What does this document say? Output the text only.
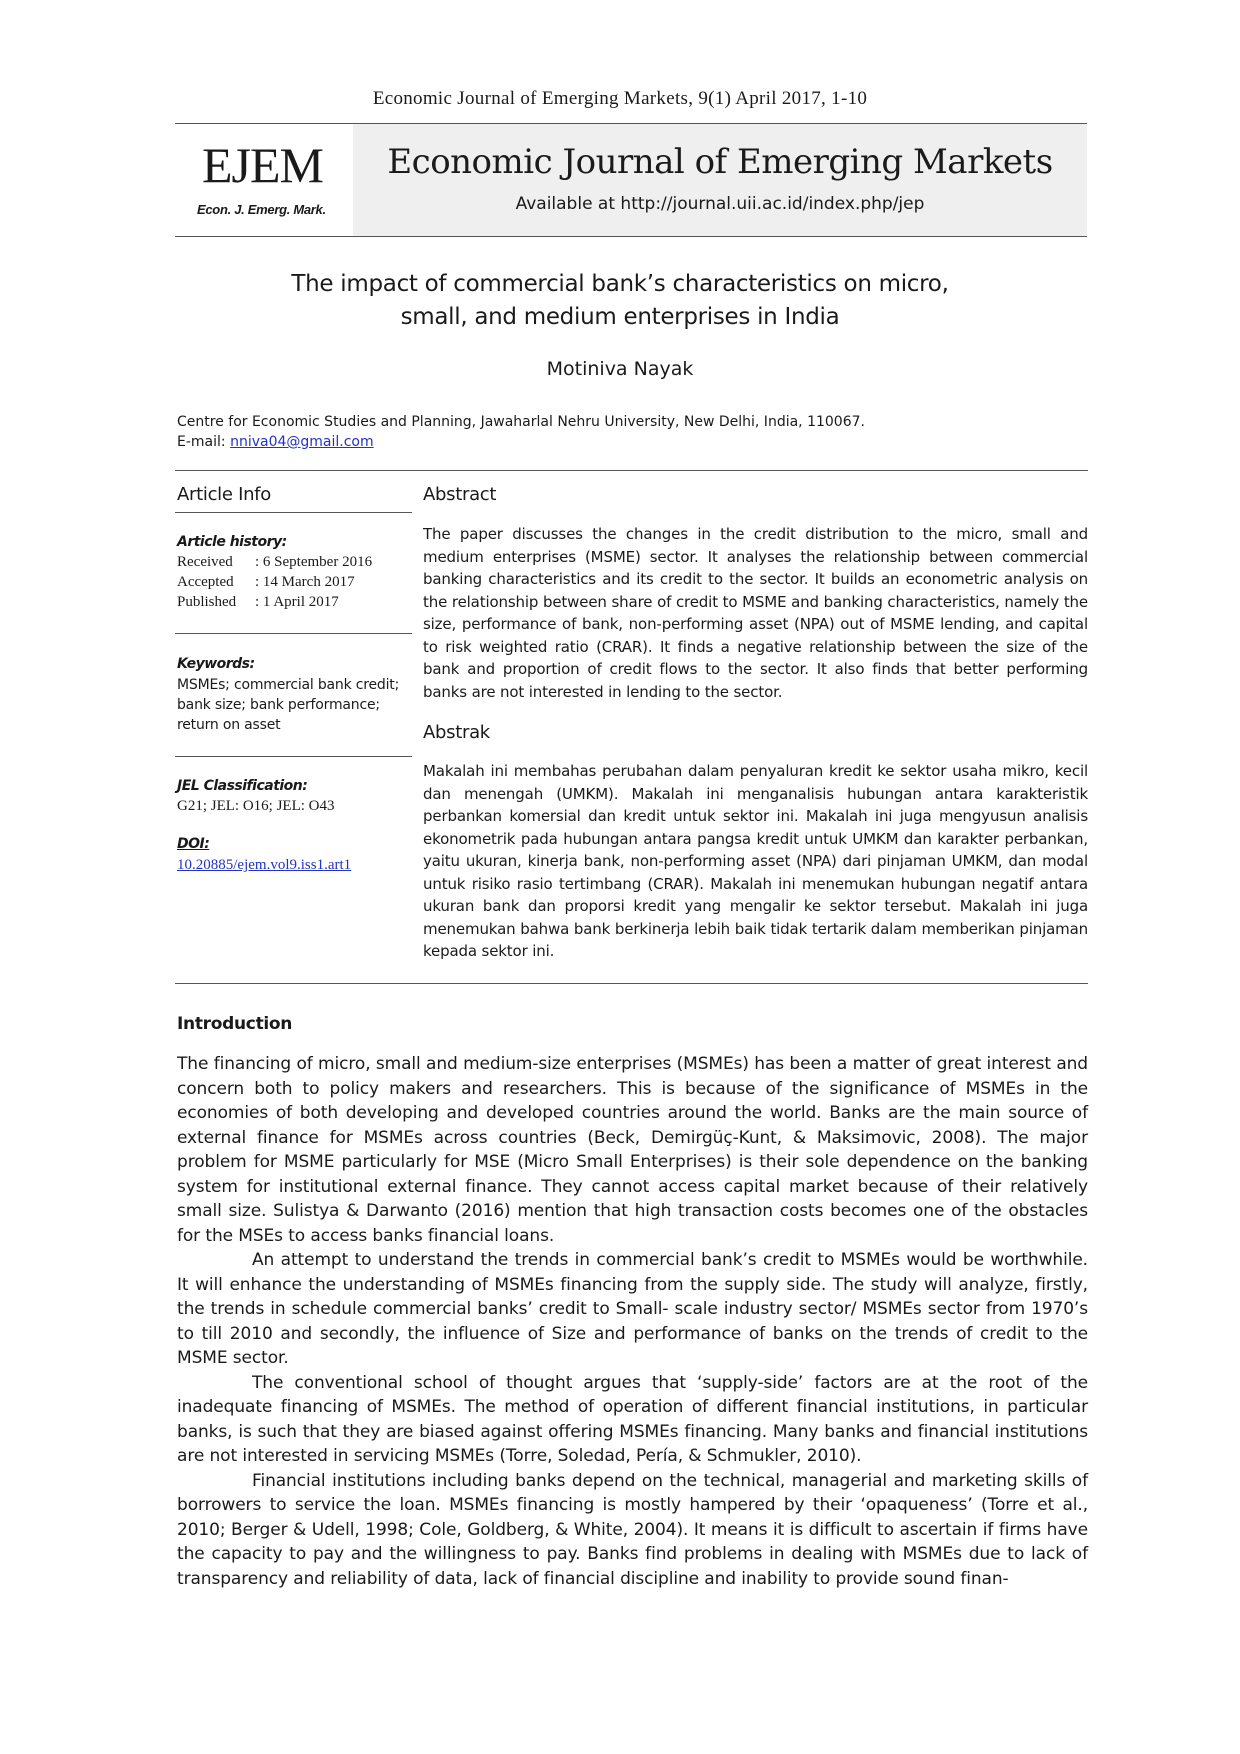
Economic Journal of Emerging Markets, 9(1) April 2017, 1-10
EJEM
Econ. J. Emerg. Mark.
Economic Journal of Emerging Markets
Available at http://journal.uii.ac.id/index.php/jep
The impact of commercial bank’s characteristics on micro,
small, and medium enterprises in India
Motiniva Nayak
Centre for Economic Studies and Planning, Jawaharlal Nehru University, New Delhi, India, 110067.
E-mail: nniva04@gmail.com
Article Info
Article history:
Received : 6 September 2016
Accepted : 14 March 2017
Published : 1 April 2017
Keywords:
MSMEs; commercial bank credit;
bank size; bank performance;
return on asset
JEL Classification:
G21; JEL: O16; JEL: O43
DOI:
10.20885/ejem.vol9.iss1.art1
Abstract
The paper discusses the changes in the credit distribution to the micro, small and medium enterprises (MSME) sector. It analyses the relationship between commercial banking characteristics and its credit to the sector. It builds an econometric analysis on the relationship between share of credit to MSME and banking characteristics, namely the size, performance of bank, non-performing asset (NPA) out of MSME lending, and capital to risk weighted ratio (CRAR). It finds a negative relationship between the size of the bank and proportion of credit flows to the sector. It also finds that better performing banks are not interested in lending to the sector.
Abstrak
Makalah ini membahas perubahan dalam penyaluran kredit ke sektor usaha mikro, kecil dan menengah (UMKM). Makalah ini menganalisis hubungan antara karakteristik perbankan komersial dan kredit untuk sektor ini. Makalah ini juga mengyusun analisis ekonometrik pada hubungan antara pangsa kredit untuk UMKM dan karakter perbankan, yaitu ukuran, kinerja bank, non-performing asset (NPA) dari pinjaman UMKM, dan modal untuk risiko rasio tertimbang (CRAR). Makalah ini menemukan hubungan negatif antara ukuran bank dan proporsi kredit yang mengalir ke sektor tersebut. Makalah ini juga menemukan bahwa bank berkinerja lebih baik tidak tertarik dalam memberikan pinjaman kepada sektor ini.
Introduction

The financing of micro, small and medium-size enterprises (MSMEs) has been a matter of great interest and concern both to policy makers and researchers. This is because of the significance of MSMEs in the economies of both developing and developed countries around the world. Banks are the main source of external finance for MSMEs across countries (Beck, Demirgüç-Kunt, & Maksimovic, 2008). The major problem for MSME particularly for MSE (Micro Small Enterprises) is their sole dependence on the banking system for institutional external finance. They cannot access capital market because of their relatively small size. Sulistya & Darwanto (2016) mention that high transaction costs becomes one of the obstacles for the MSEs to access banks financial loans.

An attempt to understand the trends in commercial bank’s credit to MSMEs would be worthwhile. It will enhance the understanding of MSMEs financing from the supply side. The study will analyze, firstly, the trends in schedule commercial banks’ credit to Small- scale industry sector/ MSMEs sector from 1970’s to till 2010 and secondly, the influence of Size and performance of banks on the trends of credit to the MSME sector.

The conventional school of thought argues that ‘supply-side’ factors are at the root of the inadequate financing of MSMEs. The method of operation of different financial institutions, in particular banks, is such that they are biased against offering MSMEs financing. Many banks and financial institutions are not interested in servicing MSMEs (Torre, Soledad, Pería, & Schmukler, 2010).

Financial institutions including banks depend on the technical, managerial and marketing skills of borrowers to service the loan. MSMEs financing is mostly hampered by their ‘opaqueness’ (Torre et al., 2010; Berger & Udell, 1998; Cole, Goldberg, & White, 2004). It means it is difficult to ascertain if firms have the capacity to pay and the willingness to pay. Banks find problems in dealing with MSMEs due to lack of transparency and reliability of data, lack of financial discipline and inability to provide sound finan-
